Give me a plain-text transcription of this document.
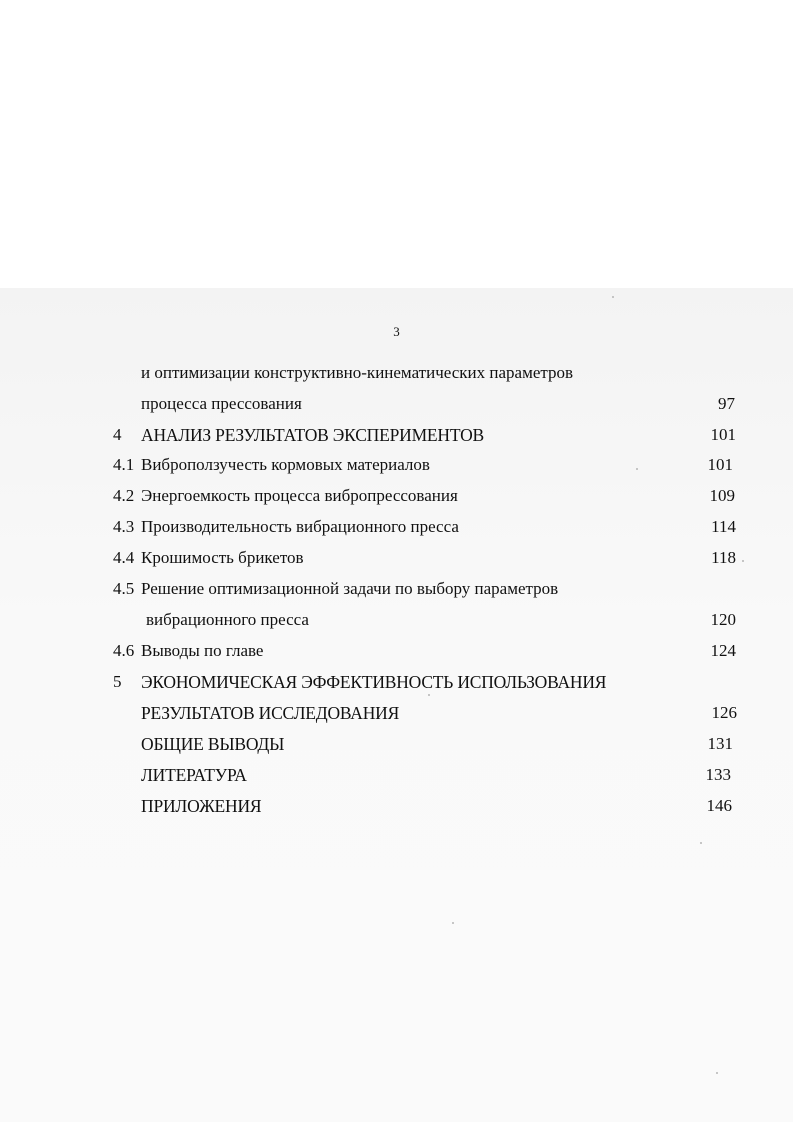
3
и оптимизации конструктивно-кинематических параметров
процесса прессования	97
4 АНАЛИЗ РЕЗУЛЬТАТОВ ЭКСПЕРИМЕНТОВ	101
4.1 Виброползучесть кормовых материалов	101
4.2 Энергоемкость процесса вибропрессования	109
4.3 Производительность вибрационного пресса	114
4.4 Крошимость брикетов	118
4.5 Решение оптимизационной задачи по выбору параметров
вибрационного пресса	120
4.6 Выводы по главе	124
5 ЭКОНОМИЧЕСКАЯ ЭФФЕКТИВНОСТЬ ИСПОЛЬЗОВАНИЯ
РЕЗУЛЬТАТОВ ИССЛЕДОВАНИЯ	126
ОБЩИЕ ВЫВОДЫ	131
ЛИТЕРАТУРА	133
ПРИЛОЖЕНИЯ	146
